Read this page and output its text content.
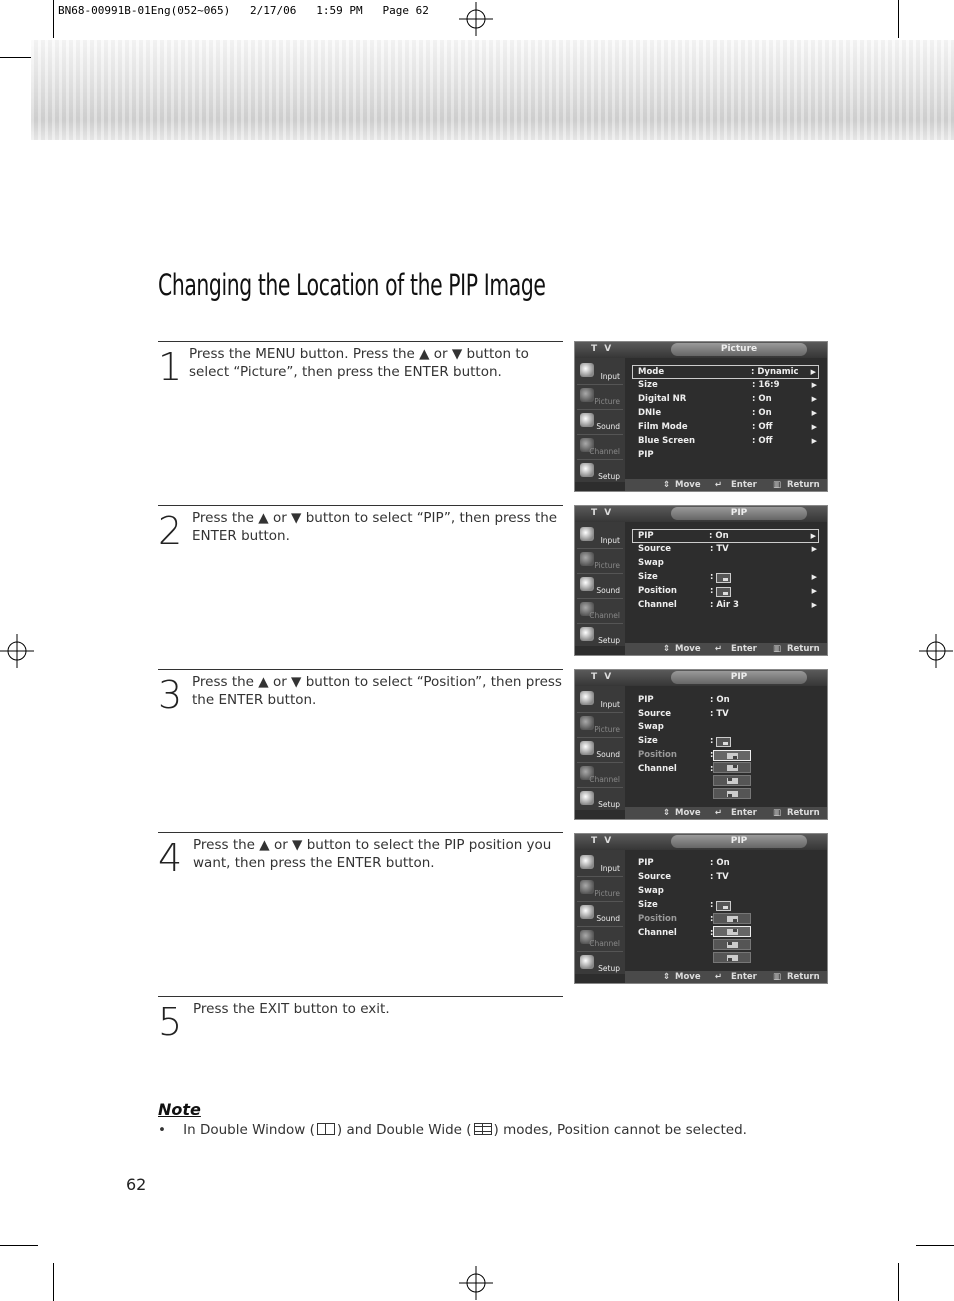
BN68-00991B-01Eng(052~065)   2/17/06   1:59 PM   Page 62
Changing the Location of the PIP Image
1 Press the MENU button. Press the ▲ or ▼ button to select “Picture”, then press the ENTER button.
2 Press the ▲ or ▼ button to select “PIP”, then press the ENTER button.
3 Press the ▲ or ▼ button to select “Position”, then press the ENTER button.
4 Press the ▲ or ▼ button to select the PIP position you want, then press the ENTER button.
5 Press the EXIT button to exit.
T V	Picture
Input
Picture
Sound
Channel
Setup
Mode	: Dynamic ▶
Size	: 16:9	▶
Digital NR	: On	▶
DNIe	: On	▶
Film Mode	: Off	▶
Blue Screen	: Off	▶
PIP
⇕ Move ↵ Enter ▥ Return
T V	PIP
Input
Picture
Sound
Channel
Setup
PIP	: On	▶
Source	: TV	▶
Swap
Size	:	▶
Position	:	▶
Channel	: Air 3	▶
⇕ Move ↵ Enter ▥ Return
T V	PIP
Input
Picture
Sound
Channel
Setup
PIP	: On
Source	: TV
Swap
Size	:
Position	:
Channel	:
⇕ Move ↵ Enter ▥ Return
T V	PIP
Input
Picture
Sound
Channel
Setup
PIP	: On
Source	: TV
Swap
Size	:
Position	:
Channel	:
⇕ Move ↵ Enter ▥ Return
Note
• In Double Window ( ) and Double Wide ( ) modes, Position cannot be selected.
62
